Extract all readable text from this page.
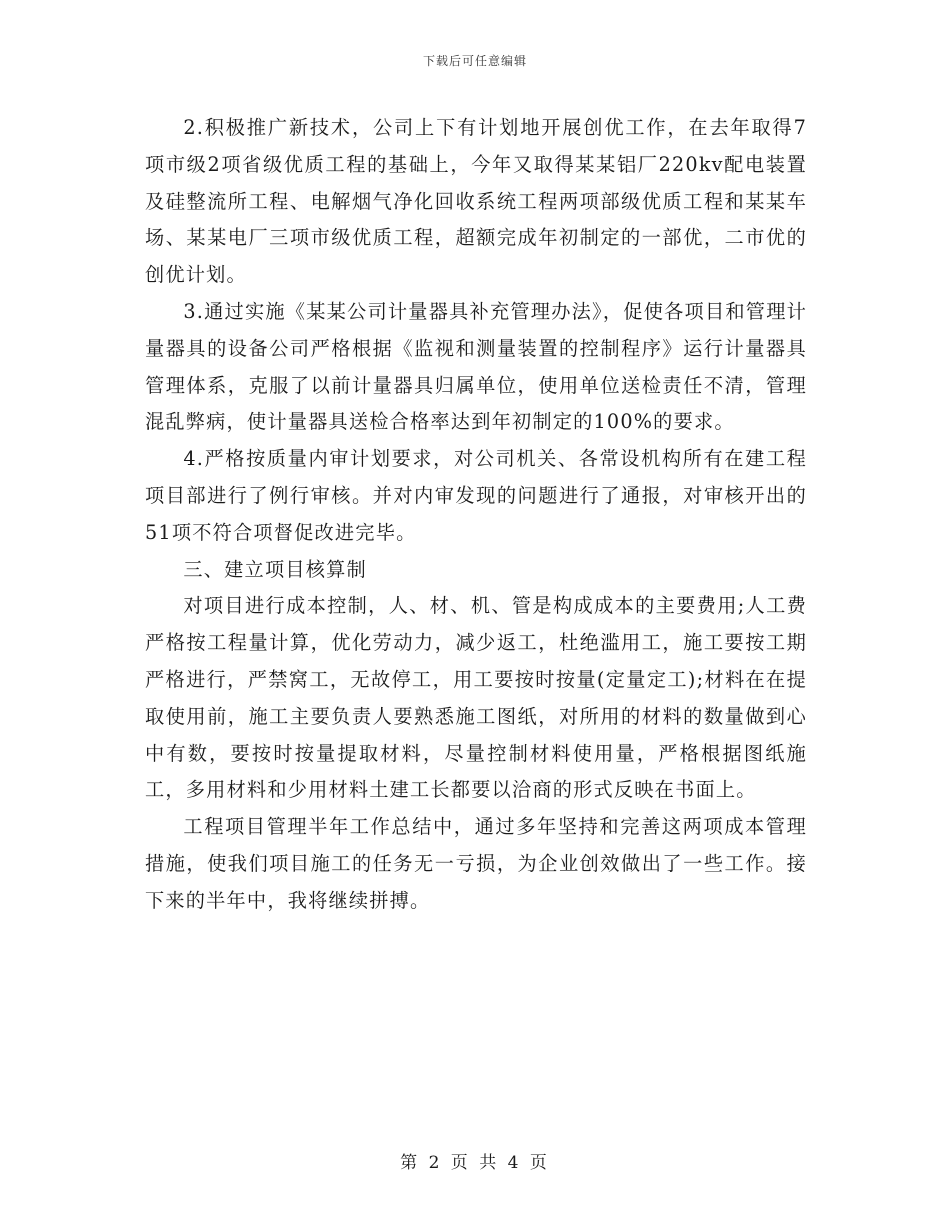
下载后可任意编辑

2.积极推广新技术，公司上下有计划地开展创优工作，在去年取得7项市级2项省级优质工程的基础上，今年又取得某某铝厂220kv配电装置及硅整流所工程、电解烟气净化回收系统工程两项部级优质工程和某某车场、某某电厂三项市级优质工程，超额完成年初制定的一部优，二市优的创优计划。

3.通过实施《某某公司计量器具补充管理办法》，促使各项目和管理计量器具的设备公司严格根据《监视和测量装置的控制程序》运行计量器具管理体系，克服了以前计量器具归属单位，使用单位送检责任不清，管理混乱弊病，使计量器具送检合格率达到年初制定的100%的要求。

4.严格按质量内审计划要求，对公司机关、各常设机构所有在建工程项目部进行了例行审核。并对内审发现的问题进行了通报，对审核开出的51项不符合项督促改进完毕。

三、建立项目核算制

对项目进行成本控制，人、材、机、管是构成成本的主要费用;人工费严格按工程量计算，优化劳动力，减少返工，杜绝滥用工，施工要按工期严格进行，严禁窝工，无故停工，用工要按时按量(定量定工);材料在在提取使用前，施工主要负责人要熟悉施工图纸，对所用的材料的数量做到心中有数，要按时按量提取材料，尽量控制材料使用量，严格根据图纸施工，多用材料和少用材料土建工长都要以洽商的形式反映在书面上。

工程项目管理半年工作总结中，通过多年坚持和完善这两项成本管理措施，使我们项目施工的任务无一亏损，为企业创效做出了一些工作。接下来的半年中，我将继续拼搏。

第 2 页 共 4 页
